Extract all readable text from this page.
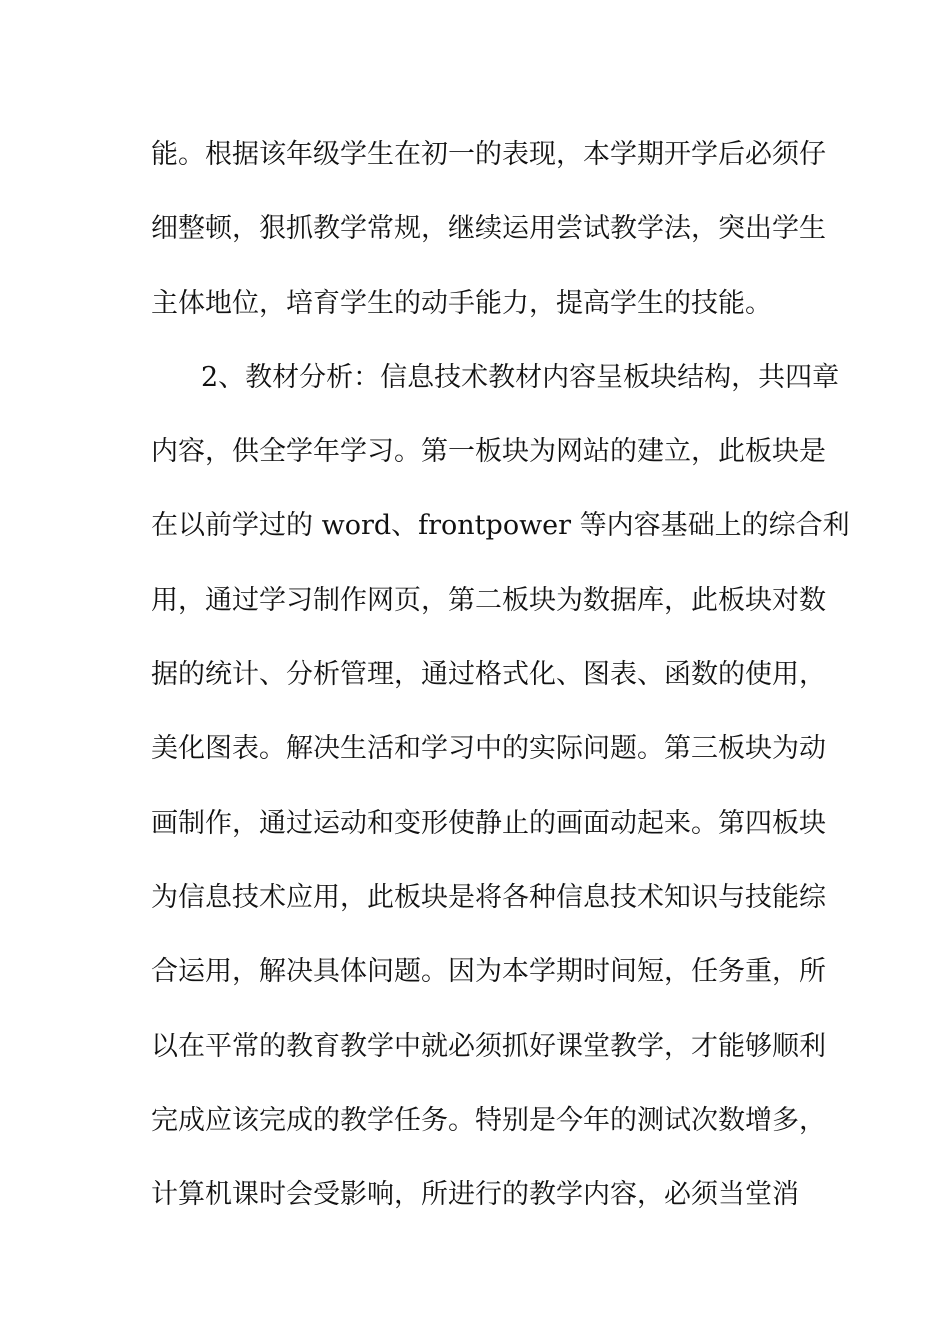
能。根据该年级学生在初一的表现，本学期开学后必须仔
细整顿，狠抓教学常规，继续运用尝试教学法，突出学生
主体地位，培育学生的动手能力，提高学生的技能。
2、教材分析：信息技术教材内容呈板块结构，共四章
内容，供全学年学习。第一板块为网站的建立，此板块是
在以前学过的 word、frontpower 等内容基础上的综合利
用，通过学习制作网页，第二板块为数据库，此板块对数
据的统计、分析管理，通过格式化、图表、函数的使用，
美化图表。解决生活和学习中的实际问题。第三板块为动
画制作，通过运动和变形使静止的画面动起来。第四板块
为信息技术应用，此板块是将各种信息技术知识与技能综
合运用，解决具体问题。因为本学期时间短，任务重，所
以在平常的教育教学中就必须抓好课堂教学，才能够顺利
完成应该完成的教学任务。特别是今年的测试次数增多，
计算机课时会受影响，所进行的教学内容，必须当堂消
